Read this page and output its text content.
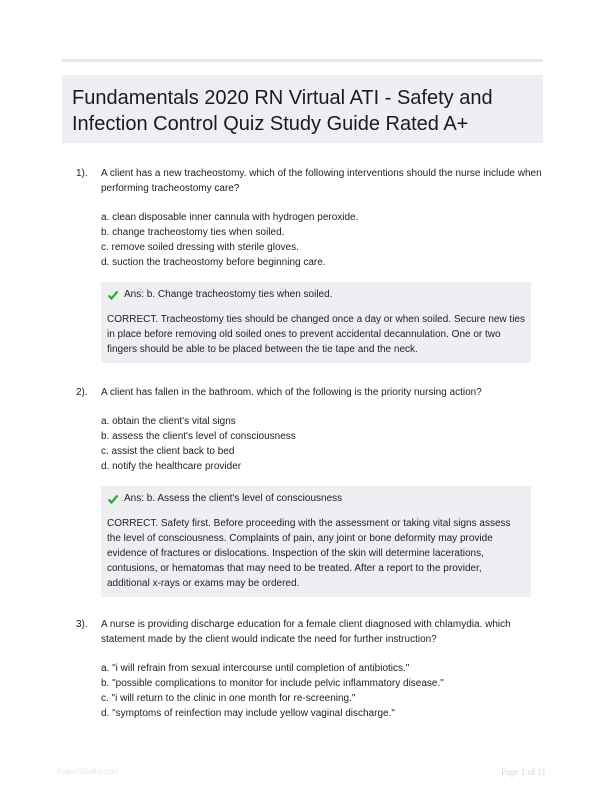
Fundamentals 2020 RN Virtual ATI - Safety and Infection Control Quiz Study Guide Rated A+
1). A client has a new tracheostomy. which of the following interventions should the nurse include when performing tracheostomy care?
a. clean disposable inner cannula with hydrogen peroxide.
b. change tracheostomy ties when soiled.
c. remove soiled dressing with sterile gloves.
d. suction the tracheostomy before beginning care.
Ans: b. Change tracheostomy ties when soiled.
CORRECT. Tracheostomy ties should be changed once a day or when soiled. Secure new ties in place before removing old soiled ones to prevent accidental decannulation. One or two fingers should be able to be placed between the tie tape and the neck.
2). A client has fallen in the bathroom. which of the following is the priority nursing action?
a. obtain the client's vital signs
b. assess the client's level of consciousness
c. assist the client back to bed
d. notify the healthcare provider
Ans: b. Assess the client's level of consciousness
CORRECT. Safety first. Before proceeding with the assessment or taking vital signs assess the level of consciousness. Complaints of pain, any joint or bone deformity may provide evidence of fractures or dislocations. Inspection of the skin will determine lacerations, contusions, or hematomas that may need to be treated. After a report to the provider, additional x-rays or exams may be ordered.
3). A nurse is providing discharge education for a female client diagnosed with chlamydia. which statement made by the client would indicate the need for further instruction?
a. "i will refrain from sexual intercourse until completion of antibiotics."
b. "possible complications to monitor for include pelvic inflammatory disease."
c. "i will return to the clinic in one month for re-screening."
d. "symptoms of reinfection may include yellow vaginal discharge."
PaperStudio.com	Page 1 of 11
